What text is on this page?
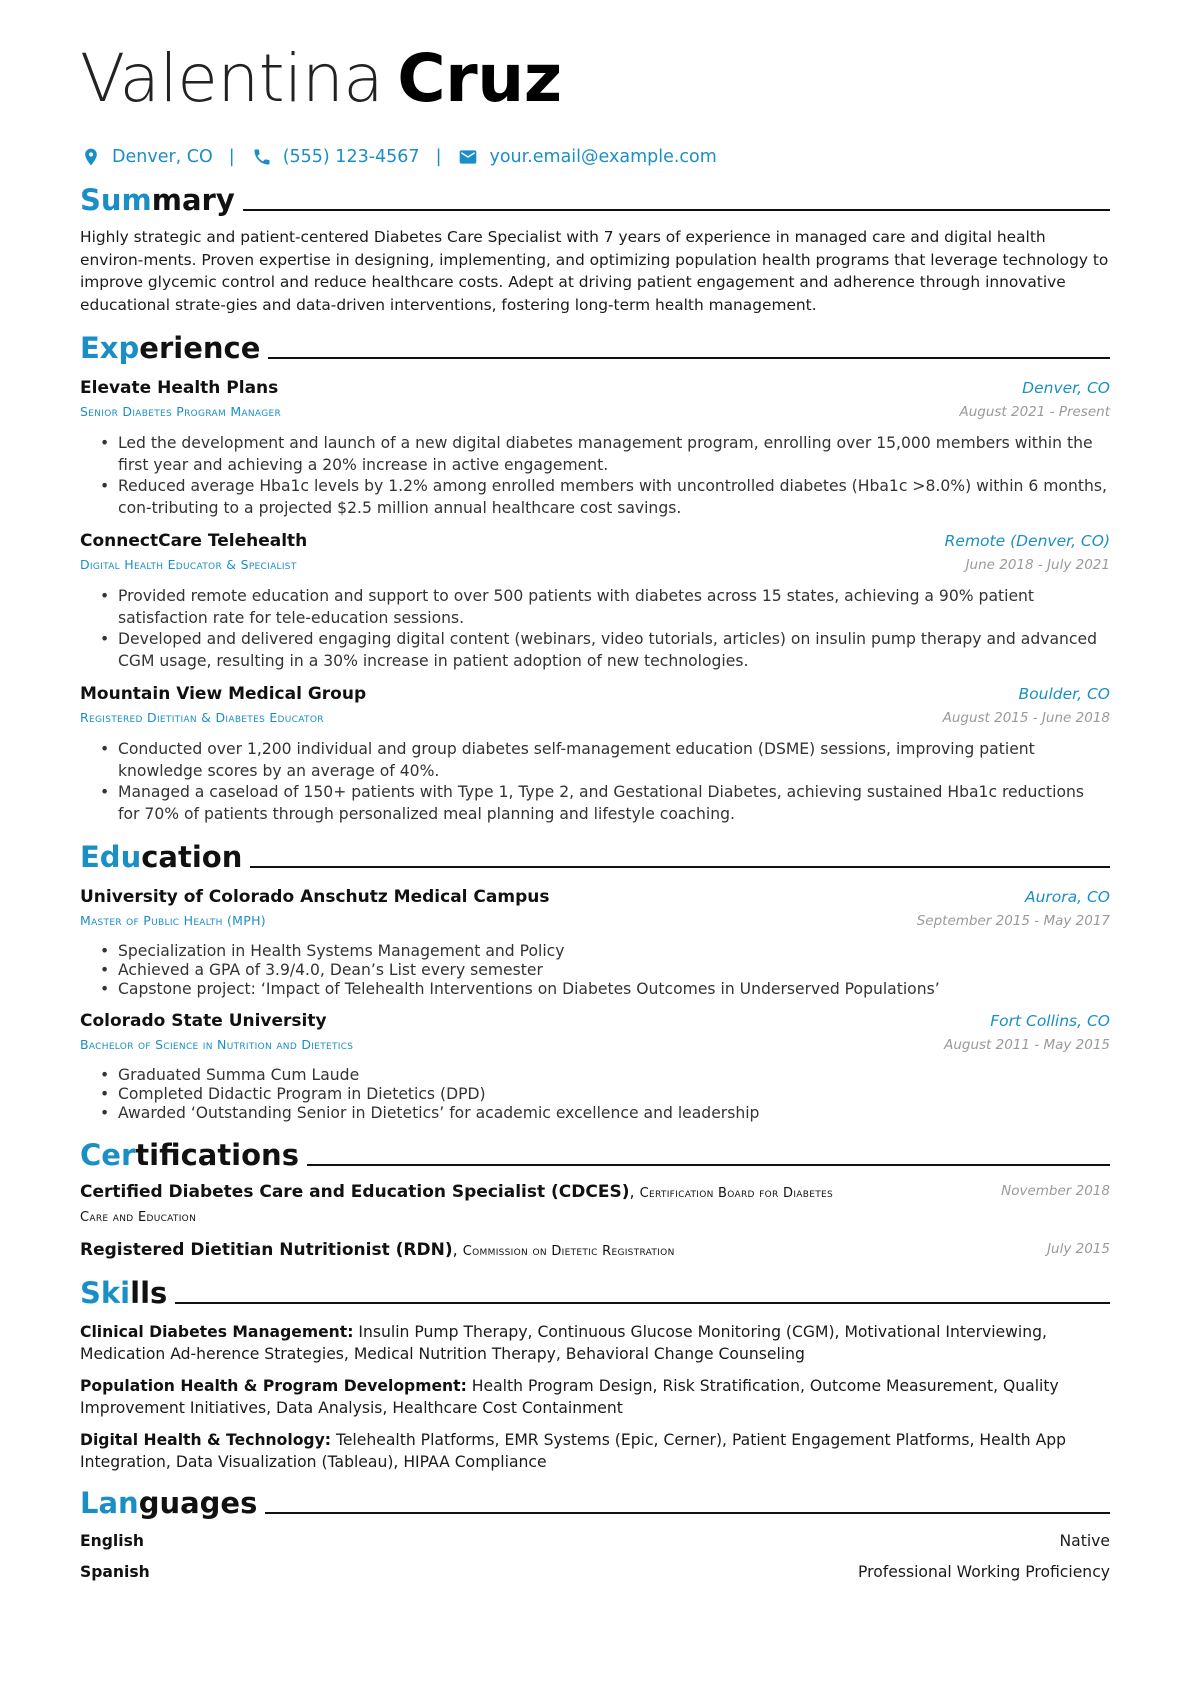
Valentina Cruz
Denver, CO |	(555) 123-4567 |	your.email@example.com
Summary

Highly strategic and patient-centered Diabetes Care Specialist with 7 years of experience in managed care and digital health environ-ments. Proven expertise in designing, implementing, and optimizing population health programs that leverage technology to improve glycemic control and reduce healthcare costs. Adept at driving patient engagement and adherence through innovative educational strate-gies and data-driven interventions, fostering long-term health management.

Experience
Elevate Health Plans	Denver, CO
Senior Diabetes Program Manager	August 2021 - Present
• Led the development and launch of a new digital diabetes management program, enrolling over 15,000 members within the first year and achieving a 20% increase in active engagement.
• Reduced average Hba1c levels by 1.2% among enrolled members with uncontrolled diabetes (Hba1c >8.0%) within 6 months, con-tributing to a projected $2.5 million annual healthcare cost savings.
ConnectCare Telehealth	Remote (Denver, CO)
Digital Health Educator & Specialist	June 2018 - July 2021
• Provided remote education and support to over 500 patients with diabetes across 15 states, achieving a 90% patient satisfaction rate for tele-education sessions.
• Developed and delivered engaging digital content (webinars, video tutorials, articles) on insulin pump therapy and advanced CGM usage, resulting in a 30% increase in patient adoption of new technologies.
Mountain View Medical Group	Boulder, CO
Registered Dietitian & Diabetes Educator	August 2015 - June 2018
• Conducted over 1,200 individual and group diabetes self-management education (DSME) sessions, improving patient knowledge scores by an average of 40%.
• Managed a caseload of 150+ patients with Type 1, Type 2, and Gestational Diabetes, achieving sustained Hba1c reductions for 70% of patients through personalized meal planning and lifestyle coaching.
Education
University of Colorado Anschutz Medical Campus	Aurora, CO
Master of Public Health (MPH)	September 2015 - May 2017
• Specialization in Health Systems Management and Policy
• Achieved a GPA of 3.9/4.0, Dean’s List every semester
• Capstone project: ‘Impact of Telehealth Interventions on Diabetes Outcomes in Underserved Populations’
Colorado State University	Fort Collins, CO
Bachelor of Science in Nutrition and Dietetics	August 2011 - May 2015
• Graduated Summa Cum Laude
• Completed Didactic Program in Dietetics (DPD)
• Awarded ‘Outstanding Senior in Dietetics’ for academic excellence and leadership
Certifications
Certified Diabetes Care and Education Specialist (CDCES), Certification Board for Diabetes Care and Education
November 2018
Registered Dietitian Nutritionist (RDN), Commission on Dietetic Registration	July 2015
Skills

Clinical Diabetes Management: Insulin Pump Therapy, Continuous Glucose Monitoring (CGM), Motivational Interviewing, Medication Ad-herence Strategies, Medical Nutrition Therapy, Behavioral Change Counseling

Population Health & Program Development: Health Program Design, Risk Stratification, Outcome Measurement, Quality Improvement Initiatives, Data Analysis, Healthcare Cost Containment

Digital Health & Technology: Telehealth Platforms, EMR Systems (Epic, Cerner), Patient Engagement Platforms, Health App Integration, Data Visualization (Tableau), HIPAA Compliance

Languages
English	Native
Spanish	Professional Working Proficiency
